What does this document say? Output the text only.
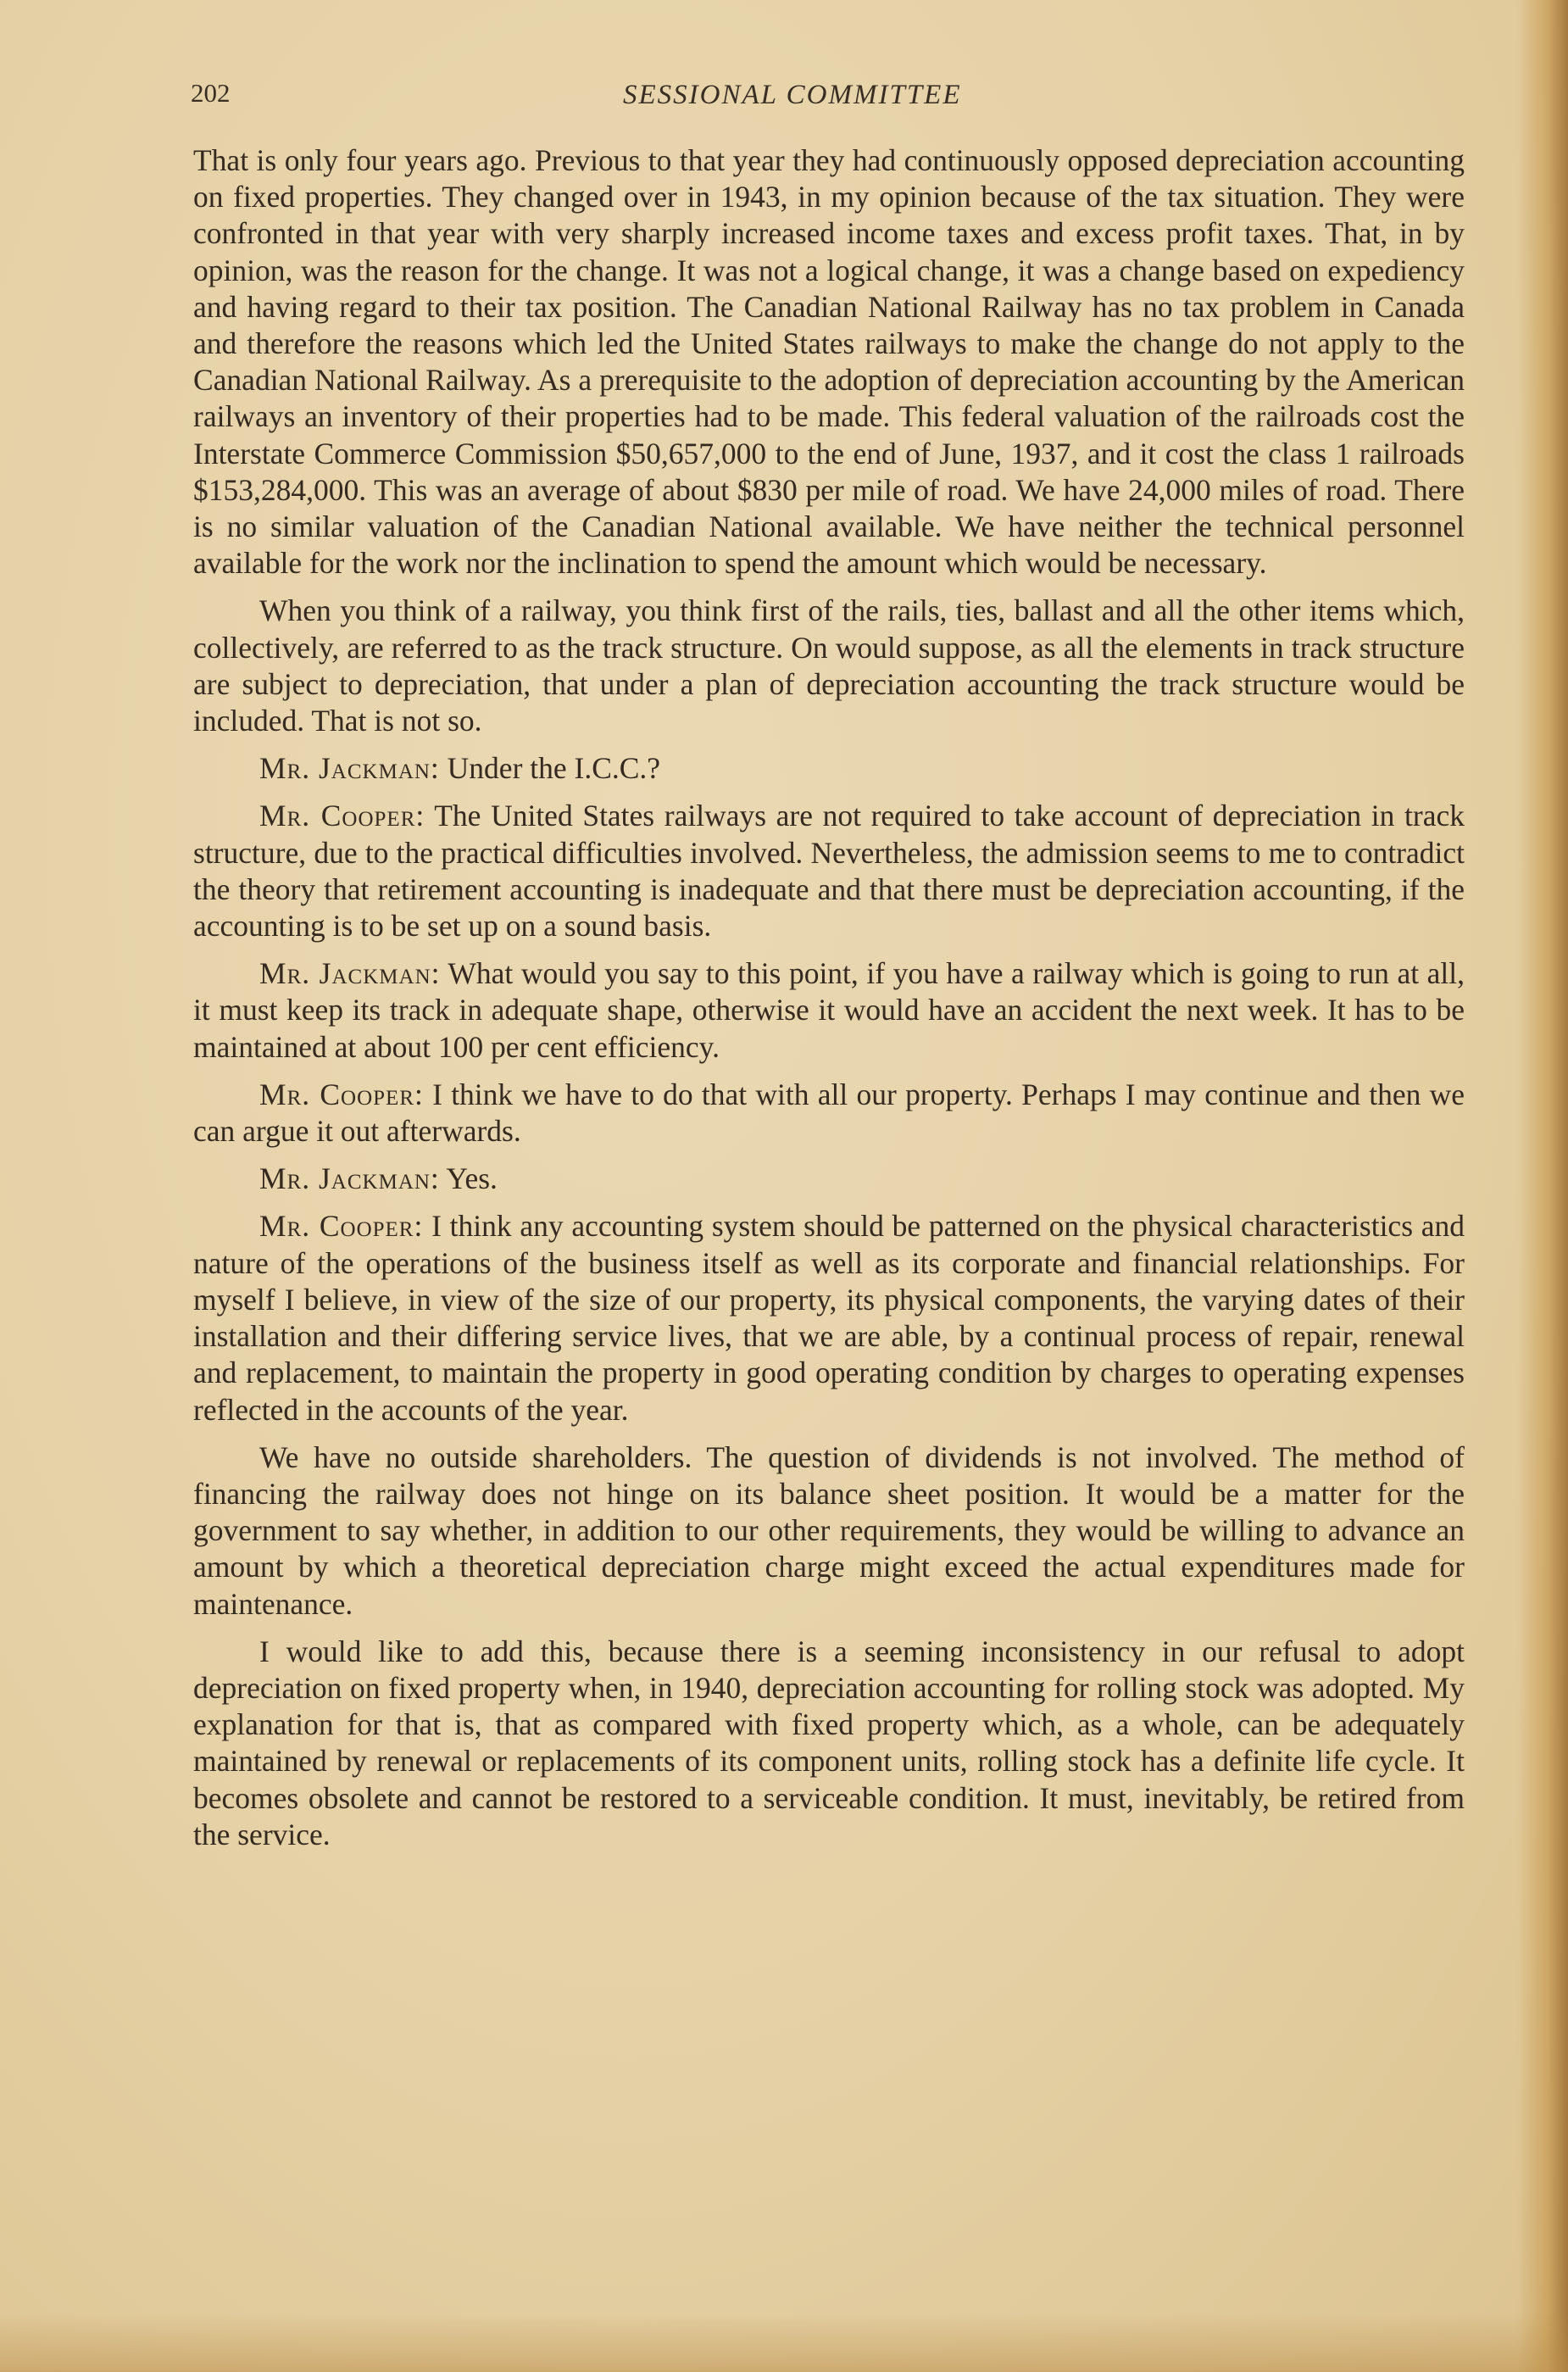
202	SESSIONAL COMMITTEE

That is only four years ago. Previous to that year they had continuously opposed depreciation accounting on fixed properties. They changed over in 1943, in my opinion because of the tax situation. They were confronted in that year with very sharply increased income taxes and excess profit taxes. That, in by opinion, was the reason for the change. It was not a logical change, it was a change based on expediency and having regard to their tax position. The Canadian National Railway has no tax problem in Canada and therefore the reasons which led the United States railways to make the change do not apply to the Canadian National Railway. As a prerequisite to the adoption of depreciation accounting by the American railways an inventory of their properties had to be made. This federal valuation of the railroads cost the Interstate Commerce Commission $50,657,000 to the end of June, 1937, and it cost the class 1 railroads $153,284,000. This was an average of about $830 per mile of road. We have 24,000 miles of road. There is no similar valuation of the Canadian National available. We have neither the technical personnel available for the work nor the inclination to spend the amount which would be necessary.

When you think of a railway, you think first of the rails, ties, ballast and all the other items which, collectively, are referred to as the track structure. On would suppose, as all the elements in track structure are subject to depreciation, that under a plan of depreciation accounting the track structure would be included. That is not so.

Mr. Jackman: Under the I.C.C.?

Mr. Cooper: The United States railways are not required to take account of depreciation in track structure, due to the practical difficulties involved. Nevertheless, the admission seems to me to contradict the theory that retirement accounting is inadequate and that there must be depreciation accounting, if the accounting is to be set up on a sound basis.

Mr. Jackman: What would you say to this point, if you have a railway which is going to run at all, it must keep its track in adequate shape, otherwise it would have an accident the next week. It has to be maintained at about 100 per cent efficiency.

Mr. Cooper: I think we have to do that with all our property. Perhaps I may continue and then we can argue it out afterwards.

Mr. Jackman: Yes.

Mr. Cooper: I think any accounting system should be patterned on the physical characteristics and nature of the operations of the business itself as well as its corporate and financial relationships. For myself I believe, in view of the size of our property, its physical components, the varying dates of their installation and their differing service lives, that we are able, by a continual process of repair, renewal and replacement, to maintain the property in good operating condition by charges to operating expenses reflected in the accounts of the year.

We have no outside shareholders. The question of dividends is not involved. The method of financing the railway does not hinge on its balance sheet position. It would be a matter for the government to say whether, in addition to our other requirements, they would be willing to advance an amount by which a theoretical depreciation charge might exceed the actual expenditures made for maintenance.

I would like to add this, because there is a seeming inconsistency in our refusal to adopt depreciation on fixed property when, in 1940, depreciation accounting for rolling stock was adopted. My explanation for that is, that as compared with fixed property which, as a whole, can be adequately maintained by renewal or replacements of its component units, rolling stock has a definite life cycle. It becomes obsolete and cannot be restored to a serviceable condition. It must, inevitably, be retired from the service.
